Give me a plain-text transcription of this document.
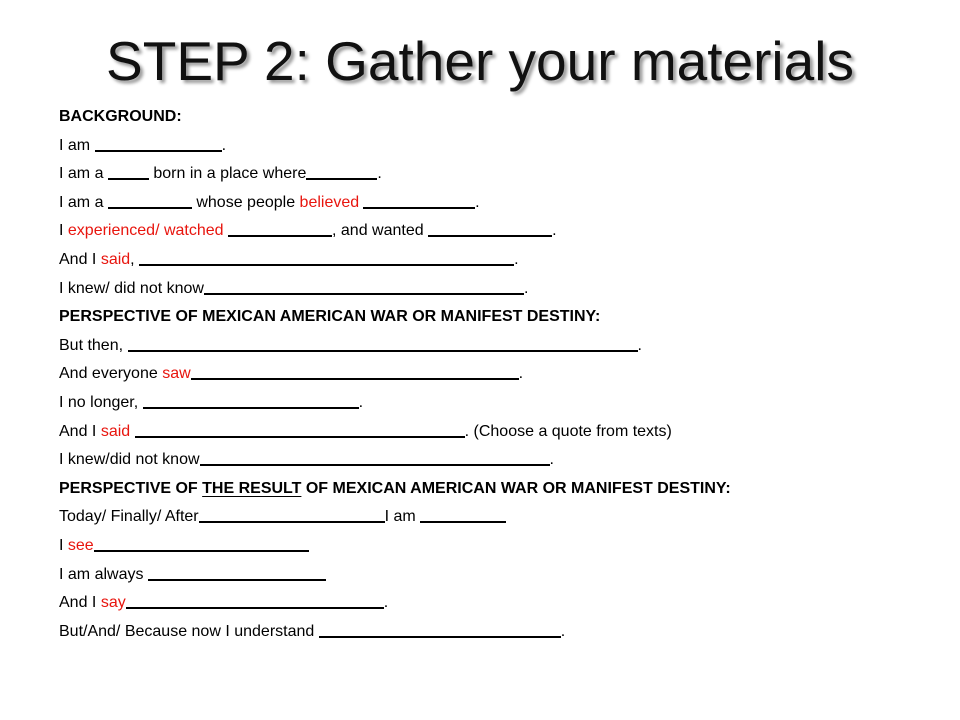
STEP 2: Gather your materials
BACKGROUND:
I am	.
I am a	born in a place where	.
I am a	whose people believed	.
I experienced/ watched	, and wanted	.
And I said,	.
I knew/ did not know	.
PERSPECTIVE OF MEXICAN AMERICAN WAR OR MANIFEST DESTINY:
But then,	.
And everyone saw	.
I no longer,	.
And I said	. (Choose a quote from texts)
I knew/did not know	.
PERSPECTIVE OF THE RESULT OF MEXICAN AMERICAN WAR OR MANIFEST DESTINY:
Today/ Finally/ After	I am
I see
I am always
And I say	.
But/And/ Because now I understand	.
